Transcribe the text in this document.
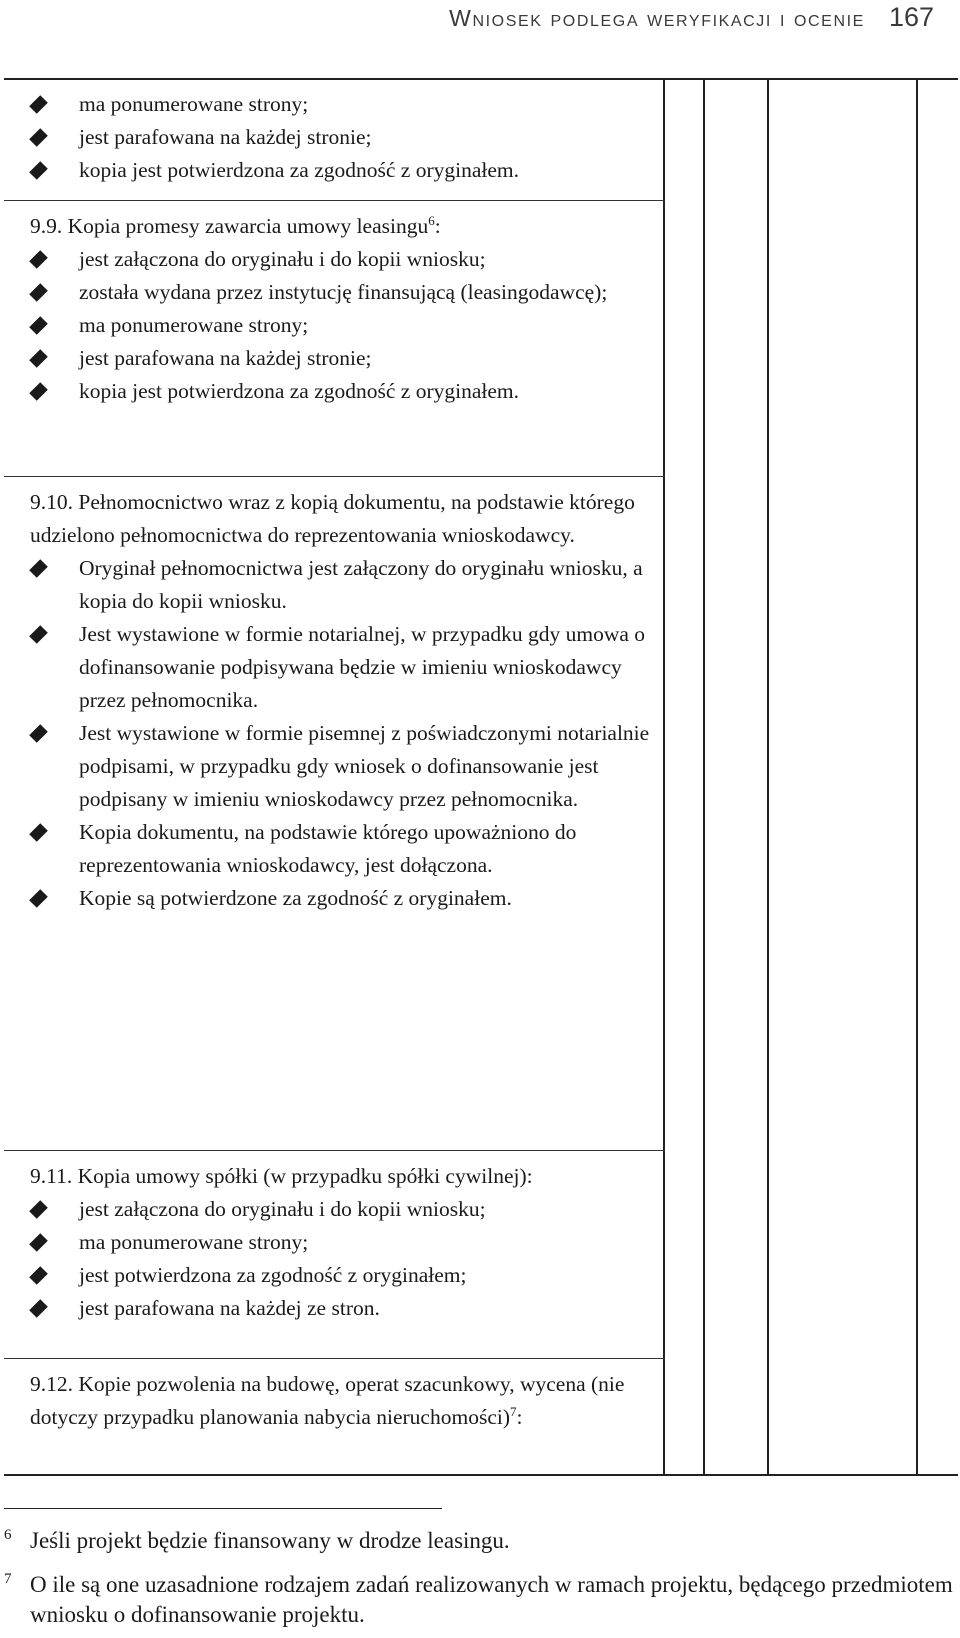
Wniosek podlega weryfikacji i ocenie 167
ma ponumerowane strony;
jest parafowana na każdej stronie;
kopia jest potwierdzona za zgodność z oryginałem.
9.9. Kopia promesy zawarcia umowy leasingu$^6$:
jest załączona do oryginału i do kopii wniosku;
została wydana przez instytucję finansującą (leasingodawcę);
ma ponumerowane strony;
jest parafowana na każdej stronie;
kopia jest potwierdzona za zgodność z oryginałem.
9.10. Pełnomocnictwo wraz z kopią dokumentu, na podstawie którego udzielono pełnomocnictwa do reprezentowania wnioskodawcy.
Oryginał pełnomocnictwa jest załączony do oryginału wniosku, a kopia do kopii wniosku.
Jest wystawione w formie notarialnej, w przypadku gdy umowa o dofinansowanie podpisywana będzie w imieniu wnioskodawcy przez pełnomocnika.
Jest wystawione w formie pisemnej z poświadczonymi notarialnie podpisami, w przypadku gdy wniosek o dofinansowanie jest podpisany w imieniu wnioskodawcy przez pełnomocnika.
Kopia dokumentu, na podstawie którego upoważniono do reprezentowania wnioskodawcy, jest dołączona.
Kopie są potwierdzone za zgodność z oryginałem.
9.11. Kopia umowy spółki (w przypadku spółki cywilnej):
jest załączona do oryginału i do kopii wniosku;
ma ponumerowane strony;
jest potwierdzona za zgodność z oryginałem;
jest parafowana na każdej ze stron.
9.12. Kopie pozwolenia na budowę, operat szacunkowy, wycena (nie dotyczy przypadku planowania nabycia nieruchomości)$^7$:
6 Jeśli projekt będzie finansowany w drodze leasingu.
7 O ile są one uzasadnione rodzajem zadań realizowanych w ramach projektu, będącego przedmiotem wniosku o dofinansowanie projektu.
